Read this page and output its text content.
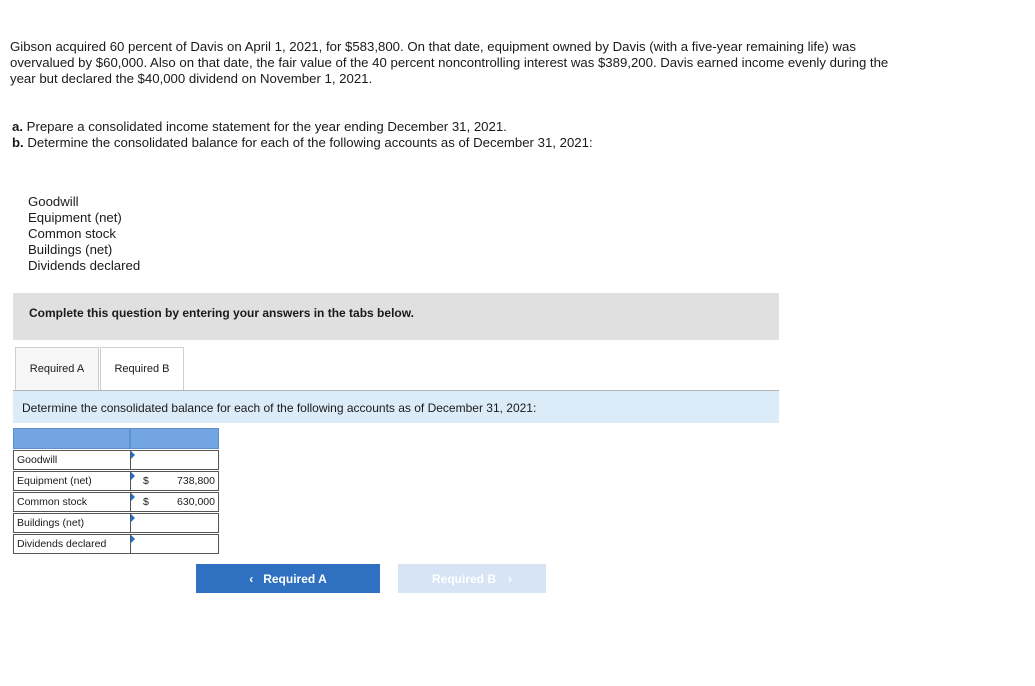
Gibson acquired 60 percent of Davis on April 1, 2021, for $583,800. On that date, equipment owned by Davis (with a five-year remaining life) was overvalued by $60,000. Also on that date, the fair value of the 40 percent noncontrolling interest was $389,200. Davis earned income evenly during the year but declared the $40,000 dividend on November 1, 2021.

a. Prepare a consolidated income statement for the year ending December 31, 2021.
b. Determine the consolidated balance for each of the following accounts as of December 31, 2021:
Goodwill
Equipment (net)
Common stock
Buildings (net)
Dividends declared
Complete this question by entering your answers in the tabs below.
Required A	Required B
Determine the consolidated balance for each of the following accounts as of December 31, 2021:
Goodwill
Equipment (net)	$	738,800
Common stock	$	630,000
Buildings (net)
Dividends declared
‹ Required A	Required B ›
